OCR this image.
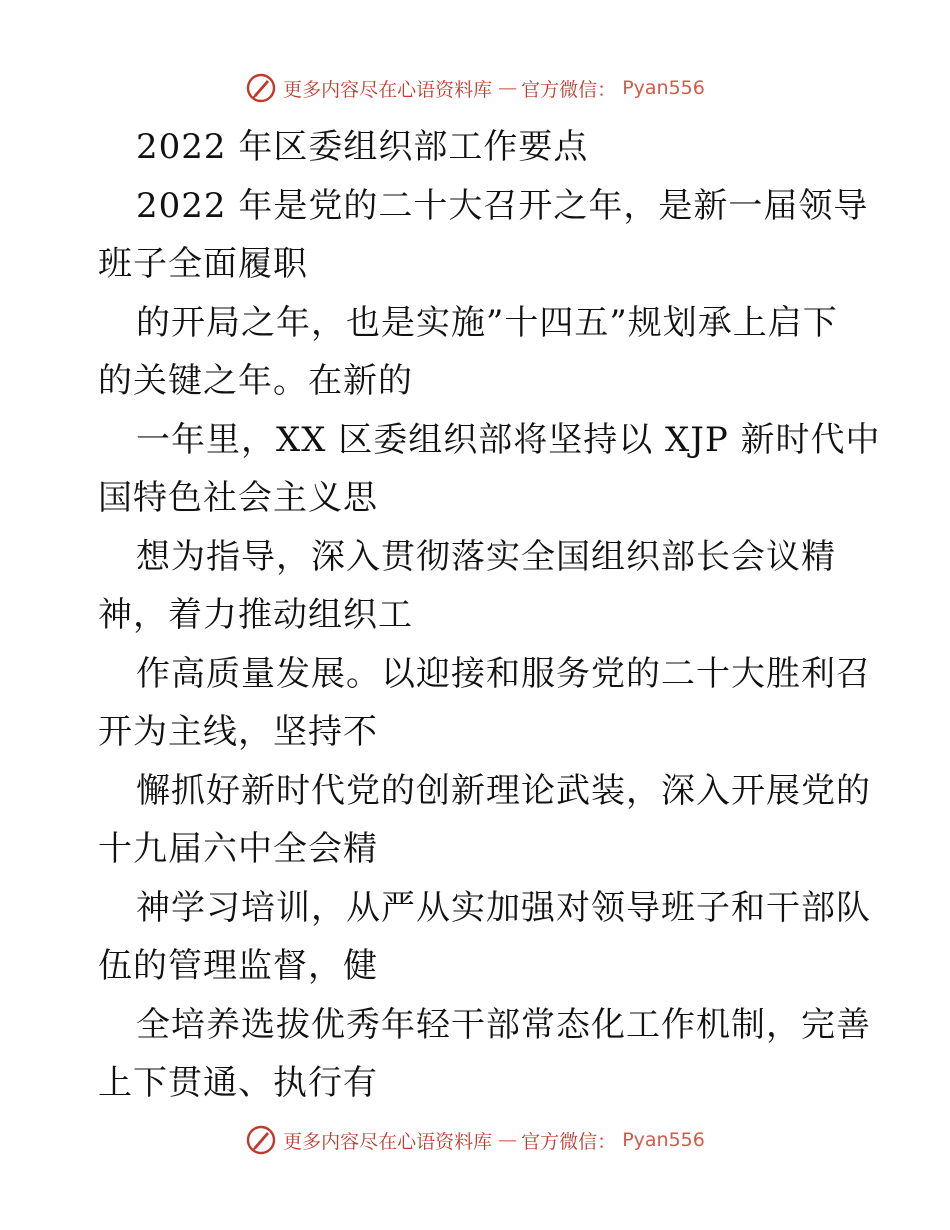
更多内容尽在心语资料库 — 官方微信： Pyan556
2022 年区委组织部工作要点
2022 年是党的二十大召开之年，是新一届领导
班子全面履职
的开局之年，也是实施”十四五”规划承上启下
的关键之年。在新的
一年里，XX 区委组织部将坚持以 XJP 新时代中
国特色社会主义思
想为指导，深入贯彻落实全国组织部长会议精
神，着力推动组织工
作高质量发展。以迎接和服务党的二十大胜利召
开为主线，坚持不
懈抓好新时代党的创新理论武装，深入开展党的
十九届六中全会精
神学习培训，从严从实加强对领导班子和干部队
伍的管理监督，健
全培养选拔优秀年轻干部常态化工作机制，完善
上下贯通、执行有
更多内容尽在心语资料库 — 官方微信： Pyan556
